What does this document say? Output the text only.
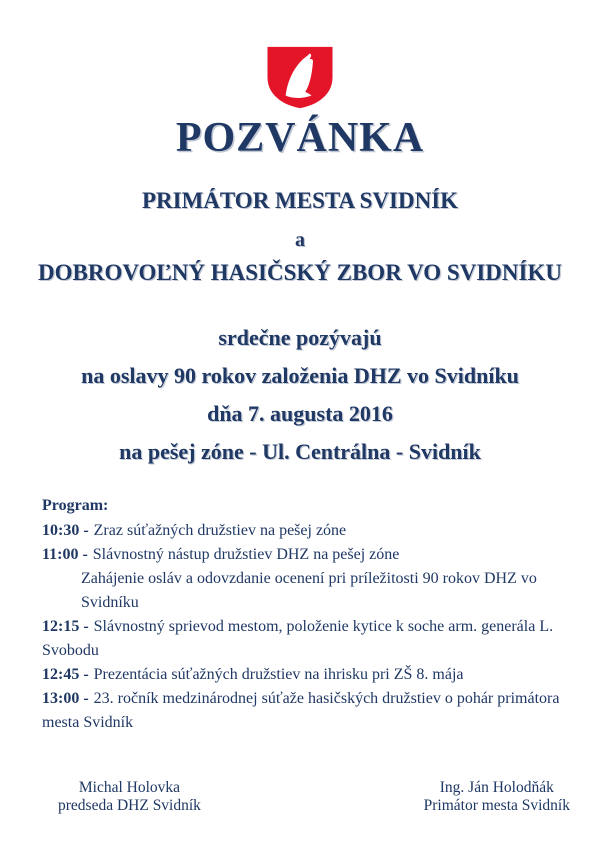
POZVÁNKA
PRIMÁTOR MESTA SVIDNÍK
a
DOBROVOĽNÝ HASIČSKÝ ZBOR VO SVIDNÍKU
srdečne pozývajú
na oslavy 90 rokov založenia DHZ vo Svidníku
dňa 7. augusta 2016
na pešej zóne - Ul. Centrálna - Svidník
Program:
10:30 - Zraz súťažných družstiev na pešej zóne
11:00 - Slávnostný nástup družstiev DHZ na pešej zóne
Zahájenie osláv a odovzdanie ocenení pri príležitosti 90 rokov DHZ vo Svidníku
12:15 - Slávnostný sprievod mestom, položenie kytice k soche arm. generála L. Svobodu
12:45 - Prezentácia súťažných družstiev na ihrisku pri ZŠ 8. mája
13:00 - 23. ročník medzinárodnej súťaže hasičských družstiev o pohár primátora mesta Svidník
Michal Holovka
predseda DHZ Svidník
Ing. Ján Holodňák
Primátor mesta Svidník
